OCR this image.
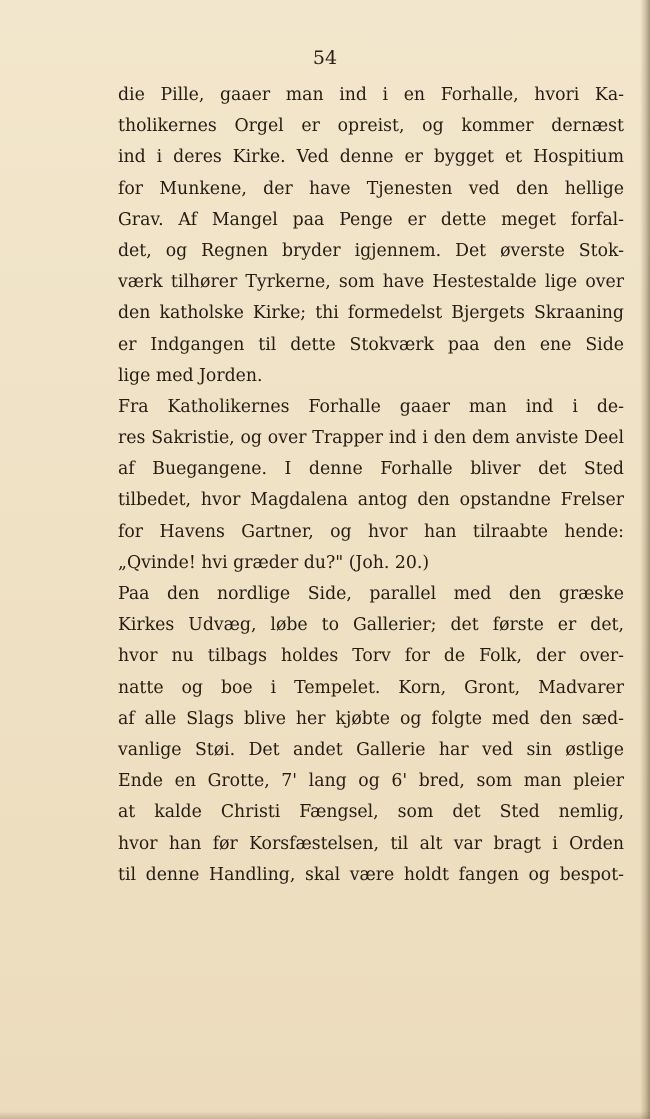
54
die Pille, gaaer man ind i en Forhalle, hvori Ka-
tholikernes Orgel er opreist, og kommer dernæst
ind i deres Kirke. Ved denne er bygget et Hospitium
for Munkene, der have Tjenesten ved den hellige
Grav. Af Mangel paa Penge er dette meget forfal-
det, og Regnen bryder igjennem. Det øverste Stok-
værk tilhører Tyrkerne, som have Hestestalde lige over
den katholske Kirke; thi formedelst Bjergets Skraaning
er Indgangen til dette Stokværk paa den ene Side
lige med Jorden.
Fra Katholikernes Forhalle gaaer man ind i de-
res Sakristie, og over Trapper ind i den dem anviste Deel
af Buegangene. I denne Forhalle bliver det Sted
tilbedet, hvor Magdalena antog den opstandne Frelser
for Havens Gartner, og hvor han tilraabte hende:
„Qvinde! hvi græder du?" (Joh. 20.)
Paa den nordlige Side, parallel med den græske
Kirkes Udvæg, løbe to Gallerier; det første er det,
hvor nu tilbags holdes Torv for de Folk, der over-
natte og boe i Tempelet. Korn, Gront, Madvarer
af alle Slags blive her kjøbte og folgte med den sæd-
vanlige Støi. Det andet Gallerie har ved sin østlige
Ende en Grotte, 7' lang og 6' bred, som man pleier
at kalde Christi Fængsel, som det Sted nemlig,
hvor han før Korsfæstelsen, til alt var bragt i Orden
til denne Handling, skal være holdt fangen og bespot-
